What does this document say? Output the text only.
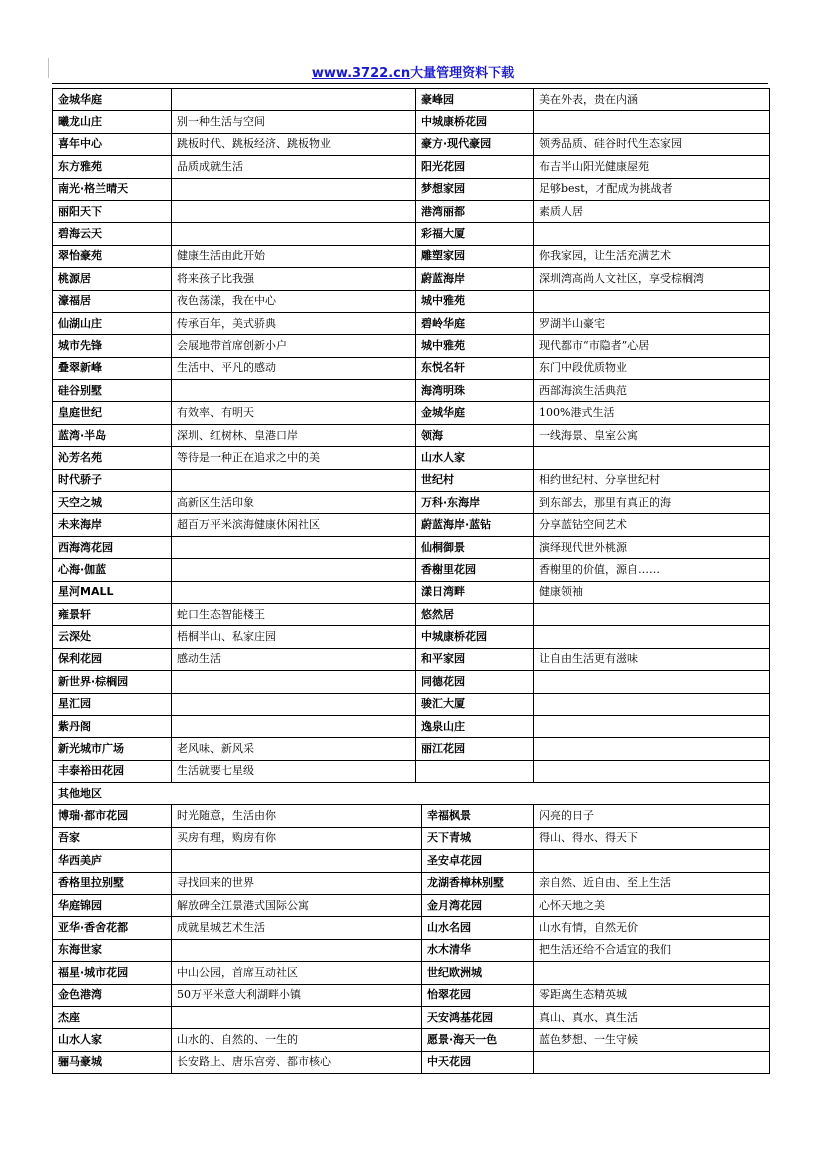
www.3722.cn大量管理资料下载
金城华庭		豪峰园	美在外表，贵在内涵
曦龙山庄	别一种生活与空间	中城康桥花园	
喜年中心	跳板时代、跳板经济、跳板物业	豪方·现代豪园	领秀品质、硅谷时代生态家园
东方雅苑	品质成就生活	阳光花园	布吉半山阳光健康屋苑
南光·格兰晴天		梦想家园	足够best，才配成为挑战者
丽阳天下		港湾丽都	素质人居
碧海云天		彩福大厦	
翠怡豪苑	健康生活由此开始	雕塑家园	你我家园，让生活充满艺术
桃源居	将来孩子比我强	蔚蓝海岸	深圳湾高尚人文社区，享受棕榈湾
濠福居	夜色荡漾，我在中心	城中雅苑	
仙湖山庄	传承百年，美式骄典	碧岭华庭	罗湖半山豪宅
城市先锋	会展地带首席创新小户	城中雅苑	现代都市“市隐者”心居
叠翠新峰	生活中、平凡的感动	东悦名轩	东门中段优质物业
硅谷别墅		海湾明珠	西部海滨生活典范
皇庭世纪	有效率、有明天	金城华庭	100%港式生活
蓝湾·半岛	深圳、红树林、皇港口岸	领海	一线海景、皇室公寓
沁芳名苑	等待是一种正在追求之中的美	山水人家	
时代骄子		世纪村	相约世纪村、分享世纪村
天空之城	高新区生活印象	万科·东海岸	到东部去，那里有真正的海
未来海岸	超百万平米滨海健康休闲社区	蔚蓝海岸·蓝钻	分享蓝钻空间艺术
西海湾花园		仙桐御景	演绎现代世外桃源
心海·伽蓝		香榭里花园	香榭里的价值，源自……
星河MALL		漾日湾畔	健康领袖
雍景轩	蛇口生态智能楼王	悠然居	
云深处	梧桐半山、私家庄园	中城康桥花园	
保利花园	感动生活	和平家园	让自由生活更有滋味
新世界·棕榈园		同德花园	
星汇园		骏汇大厦	
紫丹阁		逸泉山庄	
新光城市广场	老风味、新风采	丽江花园	
丰泰裕田花园	生活就要七星级		
其他地区			
博瑞·都市花园	时光随意，生活由你	幸福枫景	闪亮的日子
吾家	买房有理，购房有你	天下青城	得山、得水、得天下
华西美庐		圣安卓花园	
香格里拉别墅	寻找回来的世界	龙湖香樟林别墅	亲自然、近自由、至上生活
华庭锦园	解放碑全江景港式国际公寓	金月湾花园	心怀天地之美
亚华·香舍花都	成就星城艺术生活	山水名园	山水有情，自然无价
东海世家		水木清华	把生活还给不合适宜的我们
福星·城市花园	中山公园，首席互动社区	世纪欧洲城	
金色港湾	50万平米意大利湖畔小镇	怡翠花园	零距离生态精英城
杰座		天安鸿基花园	真山、真水、真生活
山水人家	山水的、自然的、一生的	愿景·海天一色	蓝色梦想、一生守候
骊马豪城	长安路上、唐乐宫旁、都市核心	中天花园	
